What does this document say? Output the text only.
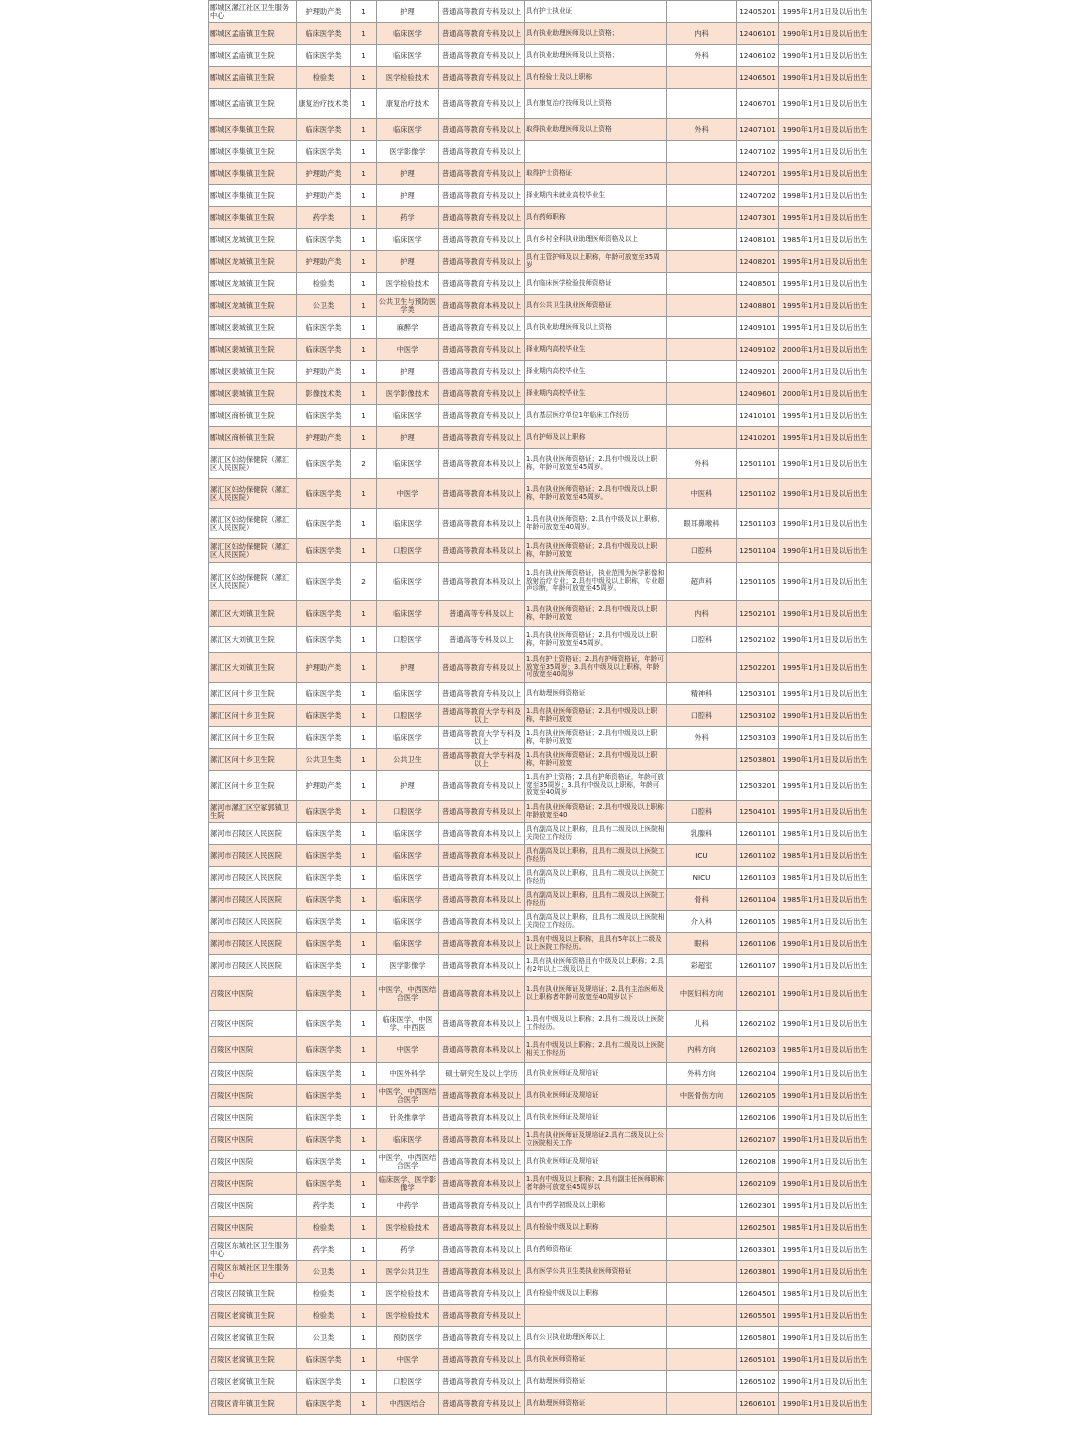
郾城区漯江社区卫生服务中心	护理助产类	1	护理	普通高等教育专科及以上	具有护士执业证		12405201	1995年1月1日及以后出生
郾城区孟庙镇卫生院	临床医学类	1	临床医学	普通高等教育专科及以上	具有执业助理医师及以上资格；	内科	12406101	1990年1月1日及以后出生
郾城区孟庙镇卫生院	临床医学类	1	临床医学	普通高等教育专科及以上	具有执业助理医师及以上资格；	外科	12406102	1990年1月1日及以后出生
郾城区孟庙镇卫生院	检验类	1	医学检验技术	普通高等教育专科及以上	具有检验士及以上职称		12406501	1990年1月1日及以后出生
郾城区孟庙镇卫生院	康复治疗技术类	1	康复治疗技术	普通高等教育专科及以上	具有康复治疗技师及以上资格		12406701	1990年1月1日及以后出生
郾城区李集镇卫生院	临床医学类	1	临床医学	普通高等教育专科及以上	取得执业助理医师及以上资格	外科	12407101	1990年1月1日及以后出生
郾城区李集镇卫生院	临床医学类	1	医学影像学	普通高等教育专科及以上			12407102	1995年1月1日及以后出生
郾城区李集镇卫生院	护理助产类	1	护理	普通高等教育专科及以上	取得护士资格证		12407201	1995年1月1日及以后出生
郾城区李集镇卫生院	护理助产类	1	护理	普通高等教育专科及以上	择业期内未就业高校毕业生		12407202	1998年1月1日及以后出生
郾城区李集镇卫生院	药学类	1	药学	普通高等教育专科及以上	具有药师职称		12407301	1995年1月1日及以后出生
郾城区龙城镇卫生院	临床医学类	1	临床医学	普通高等教育专科及以上	具有乡村全科执业助理医师资格及以上		12408101	1985年1月1日及以后出生
郾城区龙城镇卫生院	护理助产类	1	护理	普通高等教育专科及以上	具有主管护师及以上职称，年龄可放宽至35周岁		12408201	1995年1月1日及以后出生
郾城区龙城镇卫生院	检验类	1	医学检验技术	普通高等教育专科及以上	具有临床医学检验技师资格证		12408501	1995年1月1日及以后出生
郾城区龙城镇卫生院	公卫类	1	公共卫生与预防医学类	普通高等教育本科及以上	具有公共卫生执业医师资格证		12408801	1995年1月1日及以后出生
郾城区裴城镇卫生院	临床医学类	1	麻醉学	普通高等教育专科及以上	具有执业助理医师及以上资格		12409101	1995年1月1日及以后出生
郾城区裴城镇卫生院	临床医学类	1	中医学	普通高等教育专科及以上	择业期内高校毕业生		12409102	2000年1月1日及以后出生
郾城区裴城镇卫生院	护理助产类	1	护理	普通高等教育专科及以上	择业期内高校毕业生		12409201	2000年1月1日及以后出生
郾城区裴城镇卫生院	影像技术类	1	医学影像技术	普通高等教育专科及以上	择业期内高校毕业生		12409601	2000年1月1日及以后出生
郾城区商桥镇卫生院	临床医学类	1	临床医学	普通高等教育专科及以上	具有基层医疗单位1年临床工作经历		12410101	1995年1月1日及以后出生
郾城区商桥镇卫生院	护理助产类	1	护理	普通高等教育专科及以上	具有护师及以上职称		12410201	1995年1月1日及以后出生
漯汇区妇幼保健院（漯汇区人民医院）	临床医学类	2	临床医学	普通高等教育本科及以上	1.具有执业医师资格证；2.具有中级及以上职称，年龄可放宽至45周岁。	外科	12501101	1990年1月1日及以后出生
漯汇区妇幼保健院（漯汇区人民医院）	临床医学类	1	中医学	普通高等教育本科及以上	1.具有执业医师资格证；2.具有中级及以上职称，年龄可放宽至45周岁。	中医科	12501102	1990年1月1日及以后出生
漯汇区妇幼保健院（漯汇区人民医院）	临床医学类	1	临床医学	普通高等教育本科及以上	1.具有执业医师资格；2.具有中级及以上职称，年龄可放宽至40周岁。	眼耳鼻喉科	12501103	1990年1月1日及以后出生
漯汇区妇幼保健院（漯汇区人民医院）	临床医学类	1	口腔医学	普通高等教育本科及以上	1.具有执业医师资格证；2.具有中级及以上职称，年龄可放宽	口腔科	12501104	1990年1月1日及以后出生
漯汇区妇幼保健院（漯汇区人民医院）	临床医学类	2	临床医学	普通高等教育本科及以上	1.具有执业医师资格证，执业范围为医学影像和放射治疗专业；2.具有中级及以上职称，专业超声诊断，年龄可放宽至45周岁。	超声科	12501105	1990年1月1日及以后出生
漯汇区大刘镇卫生院	临床医学类	1	临床医学	普通高等专科及以上	1.具有执业医师资格证；2.具有中级及以上职称，年龄可放宽	内科	12502101	1990年1月1日及以后出生
漯汇区大刘镇卫生院	临床医学类	1	口腔医学	普通高等专科及以上	1.具有执业医师资格证；2.具有中级及以上职称，年龄可放宽至45周岁。	口腔科	12502102	1990年1月1日及以后出生
漯汇区大刘镇卫生院	护理助产类	1	护理	普通高等教育专科及以上	1.具有护士资格证；2.具有护师资格证，年龄可放宽至35周岁；3.具有中级及以上职称，年龄可放宽至40周岁		12502201	1995年1月1日及以后出生
漯汇区问十乡卫生院	临床医学类	1	临床医学	普通高等教育专科及以上	具有助理医师资格证	精神科	12503101	1995年1月1日及以后出生
漯汇区问十乡卫生院	临床医学类	1	口腔医学	普通高等教育大学专科及以上	1.具有执业医师资格证；2.具有中级及以上职称，年龄可放宽	口腔科	12503102	1990年1月1日及以后出生
漯汇区问十乡卫生院	临床医学类	1	临床医学	普通高等教育大学专科及以上	1.具有执业医师资格证；2.具有中级及以上职称，年龄可放宽	外科	12503103	1990年1月1日及以后出生
漯汇区问十乡卫生院	公共卫生类	1	公共卫生	普通高等教育大学专科及以上	1.具有执业医师资格证；2.具有中级及以上职称，年龄可放宽		12503801	1990年1月1日及以后出生
漯汇区问十乡卫生院	护理助产类	1	护理	普通高等教育专科及以上	1.具有护士资格；2.具有护师资格证，年龄可放宽至35周岁；3.具有中级及以上职称，年龄可放宽至40周岁		12503201	1995年1月1日及以后出生
漯河市漯汇区空冢郭镇卫生院	临床医学类	1	口腔医学	普通高等教育专科及以上	1.具有执业医师资格证；2.具有中级及以上职称年龄放宽至40	口腔科	12504101	1995年1月1日及以后出生
漯河市召陵区人民医院	临床医学类	1	临床医学	普通高等教育本科及以上	具有副高及以上职称，且具有二级及以上医院相关岗位工作经历	乳腺科	12601101	1985年1月1日及以后出生
漯河市召陵区人民医院	临床医学类	1	临床医学	普通高等教育本科及以上	具有副高及以上职称，且具有二级及以上医院工作经历	ICU	12601102	1985年1月1日及以后出生
漯河市召陵区人民医院	临床医学类	1	临床医学	普通高等教育本科及以上	具有副高及以上职称，且具有二级及以上医院工作经历	NICU	12601103	1985年1月1日及以后出生
漯河市召陵区人民医院	临床医学类	1	临床医学	普通高等教育本科及以上	具有副高及以上职称，且具有二级及以上医院工作经历	骨科	12601104	1985年1月1日及以后出生
漯河市召陵区人民医院	临床医学类	1	临床医学	普通高等教育本科及以上	具有副高及以上职称，且具有二级及以上医院相关岗位工作经历。	介入科	12601105	1985年1月1日及以后出生
漯河市召陵区人民医院	临床医学类	1	临床医学	普通高等教育本科及以上	1.具有中级及以上职称，且具有5年以上二级及以上医院工作经历。	眼科	12601106	1990年1月1日及以后出生
漯河市召陵区人民医院	临床医学类	1	医学影像学	普通高等教育本科及以上	1.具有执业医师资格且有中级及以上职称；2.具有2年以上二级及以上	彩超室	12601107	1990年1月1日及以后出生
召陵区中医院	临床医学类	1	中医学、中西医结合医学	普通高等教育本科及以上	1.具有执业医师证及规培证；2.具有主治医师及以上职称者年龄可放宽至40周岁以下	中医妇科方向	12602101	1990年1月1日及以后出生
召陵区中医院	临床医学类	1	临床医学、中医学、中西医	普通高等教育本科及以上	1.具有中级及以上职称；2.具有二级及以上医院工作经历。	儿科	12602102	1990年1月1日及以后出生
召陵区中医院	临床医学类	1	中医学	普通高等教育本科及以上	1.具有中级及以上职称；2.具有二级及以上医院相关工作经历	内科方向	12602103	1985年1月1日及以后出生
召陵区中医院	临床医学类	1	中医外科学	硕士研究生及以上学历	具有执业医师证及规培证	外科方向	12602104	1990年1月1日及以后出生
召陵区中医院	临床医学类	1	中医学、中西医结合医学	普通高等教育本科及以上	具有执业医师证及规培证	中医骨伤方向	12602105	1990年1月1日及以后出生
召陵区中医院	临床医学类	1	针灸推拿学	普通高等教育本科及以上	具有执业医师证及规培证		12602106	1990年1月1日及以后出生
召陵区中医院	临床医学类	1	临床医学	普通高等教育本科及以上	1.具有执业医师证及规培证2.具有二级及以上公立医院相关工作		12602107	1990年1月1日及以后出生
召陵区中医院	临床医学类	1	中医学、中西医结合医学	普通高等教育本科及以上	具有执业医师证及规培证		12602108	1990年1月1日及以后出生
召陵区中医院	临床医学类	1	临床医学、医学影像学	普通高等教育本科及以上	1.具有中级及以上职称；2.具有副主任医师职称者年龄可放宽至45周岁以		12602109	1990年1月1日及以后出生
召陵区中医院	药学类	1	中药学	普通高等教育专科及以上	具有中药学初级及以上职称		12602301	1995年1月1日及以后出生
召陵区中医院	检验类	1	医学检验技术	普通高等教育本科及以上	具有检验中级及以上职称		12602501	1985年1月1日及以后出生
召陵区东城社区卫生服务中心	药学类	1	药学	普通高等教育本科及以上	具有药师资格证		12603301	1995年1月1日及以后出生
召陵区东城社区卫生服务中心	公卫类	1	医学公共卫生	普通高等教育本科及以上	具有医学公共卫生类执业医师资格证		12603801	1990年1月1日及以后出生
召陵区召陵镇卫生院	检验类	1	医学检验技术	普通高等教育专科及以上	具有检验中级及以上职称		12604501	1985年1月1日及以后出生
召陵区老窝镇卫生院	检验类	1	医学检验技术	普通高等教育专科及以上			12605501	1995年1月1日及以后出生
召陵区老窝镇卫生院	公卫类	1	预防医学	普通高等教育专科及以上	具有公卫执业助理医师以上		12605801	1990年1月1日及以后出生
召陵区老窝镇卫生院	临床医学类	1	中医学	普通高等教育专科及以上	具有执业医师资格证		12605101	1990年1月1日及以后出生
召陵区老窝镇卫生院	临床医学类	1	口腔医学	普通高等教育专科及以上	具有助理医师资格证		12605102	1990年1月1日及以后出生
召陵区青年镇卫生院	临床医学类	1	中西医结合	普通高等教育专科及以上	具有助理医师资格证		12606101	1990年1月1日及以后出生
